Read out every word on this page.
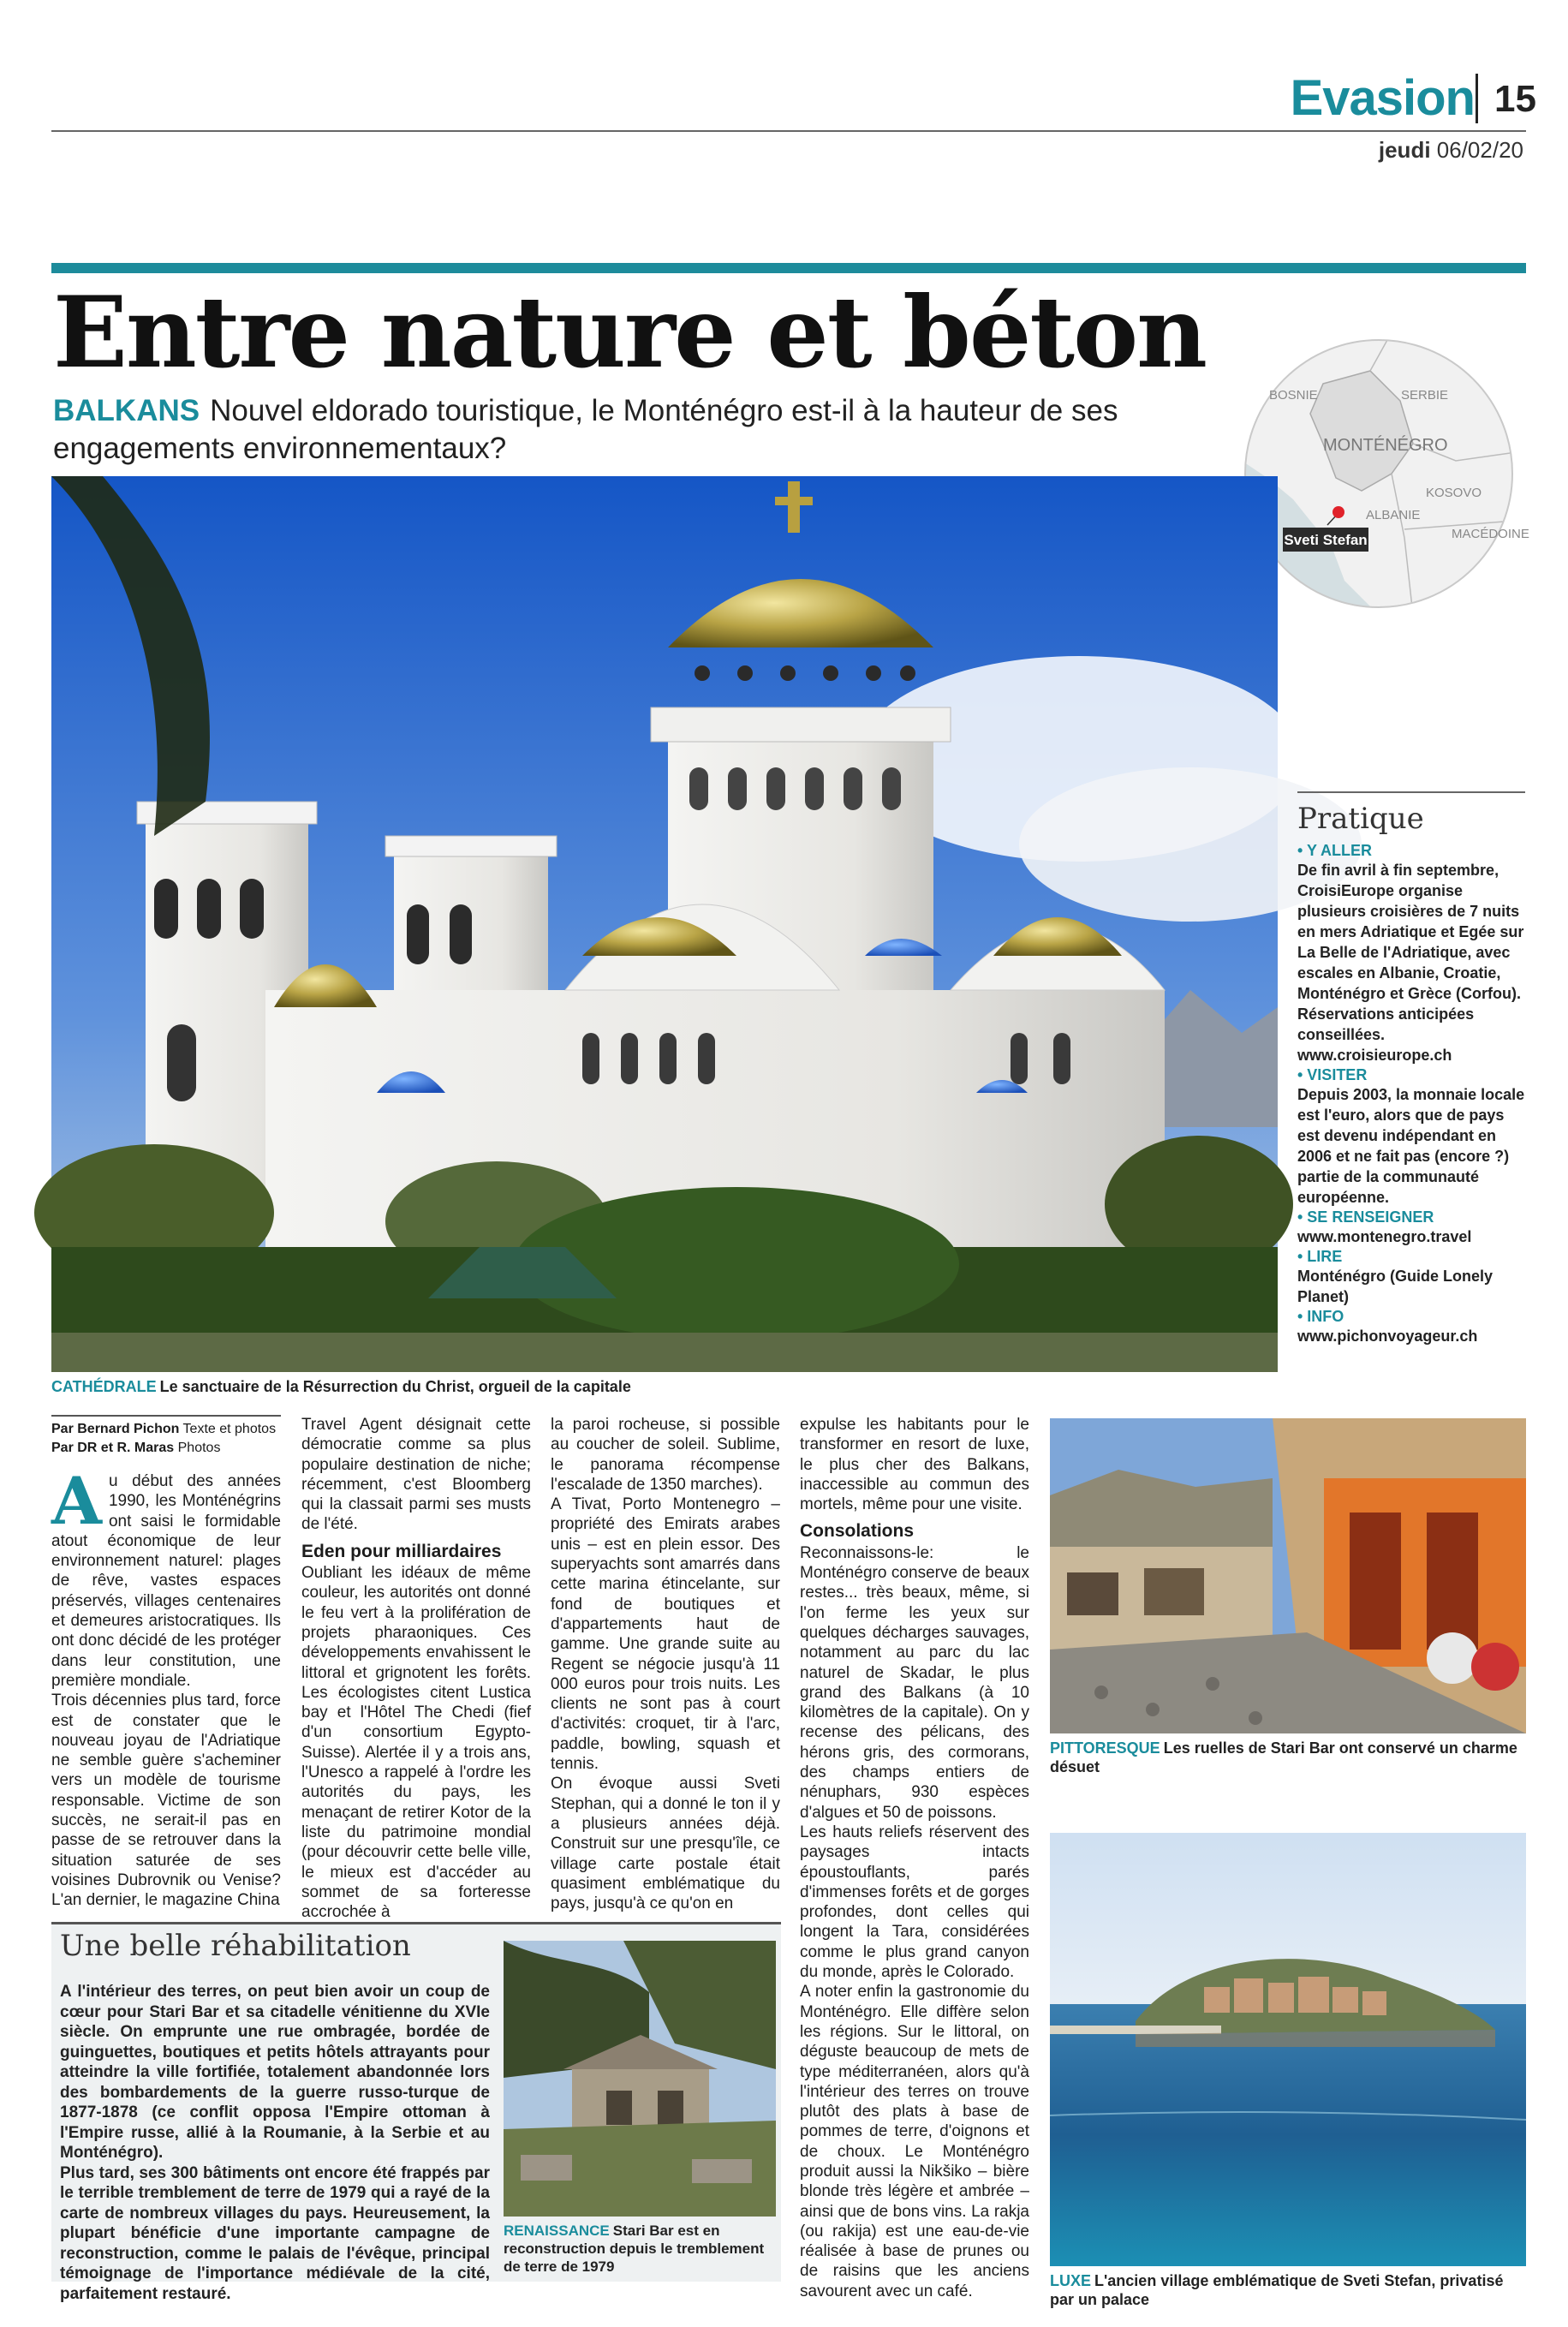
Evasion 15
jeudi 06/02/20
Entre nature et béton
BALKANS Nouvel eldorado touristique, le Monténégro est-il à la hauteur de ses engagements environnementaux?
BOSNIE	SERBIE
MONTÉNÉGRO
KOSOVO
ALBANIE
MACÉDOINE
Sveti Stefan
CATHÉDRALE Le sanctuaire de la Résurrection du Christ, orgueil de la capitale
Pratique
• Y ALLER
De fin avril à fin septembre, CroisiEurope organise plusieurs croisières de 7 nuits en mers Adriatique et Egée sur La Belle de l'Adriatique, avec escales en Albanie, Croatie, Monténégro et Grèce (Corfou). Réservations anticipées conseillées. www.croisieurope.ch
• VISITER
Depuis 2003, la monnaie locale est l'euro, alors que de pays est devenu indépendant en 2006 et ne fait pas (encore ?) partie de la communauté européenne.
• SE RENSEIGNER
www.montenegro.travel
• LIRE
Monténégro (Guide Lonely Planet)
• INFO
www.pichonvoyageur.ch
Par Bernard Pichon Texte et photos
Par DR et R. Maras Photos
A u début des années 1990, les Monténégrins ont saisi le formidable atout économique de leur environnement naturel: plages de rêve, vastes espaces préservés, villages centenaires et demeures aristocratiques. Ils ont donc décidé de les protéger dans leur constitution, une première mondiale.

Trois décennies plus tard, force est de constater que le nouveau joyau de l'Adriatique ne semble guère s'acheminer vers un modèle de tourisme responsable. Victime de son succès, ne serait-il pas en passe de se retrouver dans la situation saturée de ses voisines Dubrovnik ou Venise? L'an dernier, le magazine China

Travel Agent désignait cette démocratie comme sa plus populaire destination de niche; récemment, c'est Bloomberg qui la classait parmi ses musts de l'été.

Eden pour milliardaires

Oubliant les idéaux de même couleur, les autorités ont donné le feu vert à la prolifération de projets pharaoniques. Ces développements envahissent le littoral et grignotent les forêts. Les écologistes citent Lustica bay et l'Hôtel The Chedi (fief d'un consortium Egypto-Suisse). Alertée il y a trois ans, l'Unesco a rappelé à l'ordre les autorités du pays, les menaçant de retirer Kotor de la liste du patrimoine mondial (pour découvrir cette belle ville, le mieux est d'accéder au sommet de sa forteresse accrochée à

la paroi rocheuse, si possible au coucher de soleil. Sublime, le panorama récompense l'escalade de 1350 marches).

A Tivat, Porto Montenegro – propriété des Emirats arabes unis – est en plein essor. Des superyachts sont amarrés dans cette marina étincelante, sur fond de boutiques et d'appartements haut de gamme. Une grande suite au Regent se négocie jusqu'à 11 000 euros pour trois nuits. Les clients ne sont pas à court d'activités: croquet, tir à l'arc, paddle, bowling, squash et tennis.

On évoque aussi Sveti Stephan, qui a donné le ton il y a plusieurs années déjà. Construit sur une presqu'île, ce village carte postale était quasiment emblématique du pays, jusqu'à ce qu'on en

expulse les habitants pour le transformer en resort de luxe, le plus cher des Balkans, inaccessible au commun des mortels, même pour une visite.

Consolations

Reconnaissons-le: le Monténégro conserve de beaux restes... très beaux, même, si l'on ferme les yeux sur quelques décharges sauvages, notamment au parc du lac naturel de Skadar, le plus grand des Balkans (à 10 kilomètres de la capitale). On y recense des pélicans, des hérons gris, des cormorans, des champs entiers de nénuphars, 930 espèces d'algues et 50 de poissons.

Les hauts reliefs réservent des paysages intacts époustouflants, parés d'immenses forêts et de gorges profondes, dont celles qui longent la Tara, considérées comme le plus grand canyon du monde, après le Colorado.

A noter enfin la gastronomie du Monténégro. Elle diffère selon les régions. Sur le littoral, on déguste beaucoup de mets de type méditerranéen, alors qu'à l'intérieur des terres on trouve plutôt des plats à base de pommes de terre, d'oignons et de choux. Le Monténégro produit aussi la Nikšiko – bière blonde très légère et ambrée – ainsi que de bons vins. La rakja (ou rakija) est une eau-de-vie réalisée à base de prunes ou de raisins que les anciens savourent avec un café.

PITTORESQUE Les ruelles de Stari Bar ont conservé un charme désuet
LUXE L'ancien village emblématique de Sveti Stefan, privatisé par un palace
Une belle réhabilitation
A l'intérieur des terres, on peut bien avoir un coup de cœur pour Stari Bar et sa citadelle vénitienne du XVIe siècle. On emprunte une rue ombragée, bordée de guinguettes, boutiques et petits hôtels attrayants pour atteindre la ville fortifiée, totalement abandonnée lors des bombardements de la guerre russo-turque de 1877-1878 (ce conflit opposa l'Empire ottoman à l'Empire russe, allié à la Roumanie, à la Serbie et au Monténégro).
Plus tard, ses 300 bâtiments ont encore été frappés par le terrible tremblement de terre de 1979 qui a rayé de la carte de nombreux villages du pays. Heureusement, la plupart bénéficie d'une importante campagne de reconstruction, comme le palais de l'évêque, principal témoignage de l'importance médiévale de la cité, parfaitement restauré.
RENAISSANCE Stari Bar est en reconstruction depuis le tremblement de terre de 1979
